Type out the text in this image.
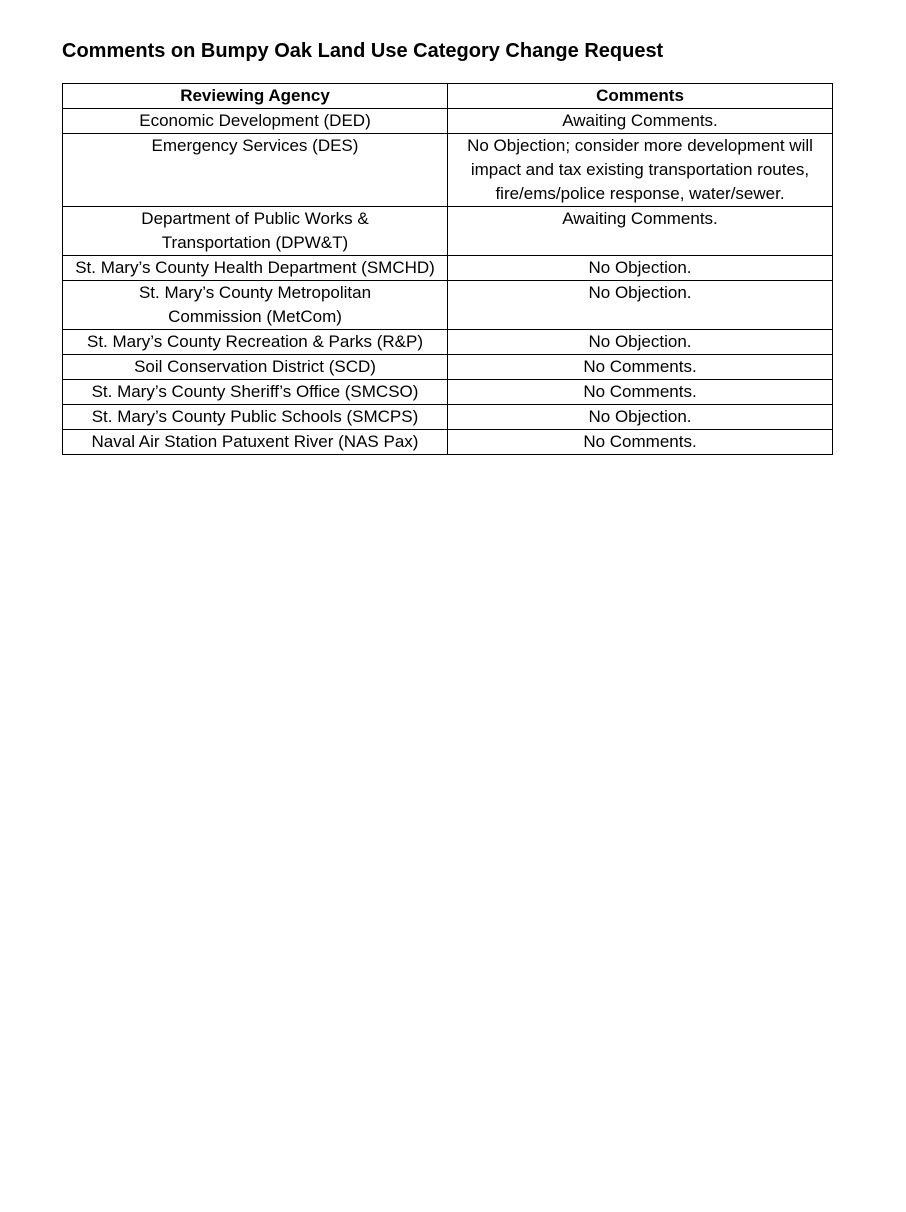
Comments on Bumpy Oak Land Use Category Change Request
Reviewing Agency	Comments
Economic Development (DED)	Awaiting Comments.
Emergency Services (DES)	No Objection; consider more development will impact and tax existing transportation routes, fire/ems/police response, water/sewer.
Department of Public Works & Transportation (DPW&T)	Awaiting Comments.
St. Mary’s County Health Department (SMCHD)	No Objection.
St. Mary’s County Metropolitan Commission (MetCom)	No Objection.
St. Mary’s County Recreation & Parks (R&P)	No Objection.
Soil Conservation District (SCD)	No Comments.
St. Mary’s County Sheriff’s Office (SMCSO)	No Comments.
St. Mary’s County Public Schools (SMCPS)	No Objection.
Naval Air Station Patuxent River (NAS Pax)	No Comments.
